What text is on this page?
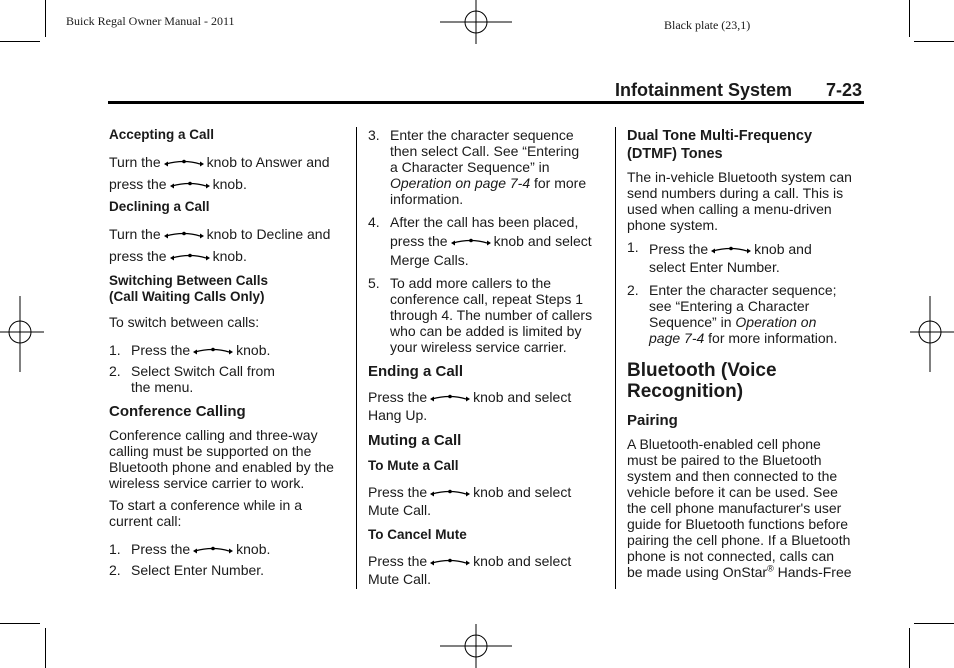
Buick Regal Owner Manual - 2011	Black plate (23,1)
Infotainment System 7-23

Accepting a Call

Turn the	knob to Answer and
press the	knob.

Declining a Call

Turn the	knob to Decline and
press the	knob.

Switching Between Calls
(Call Waiting Calls Only)

To switch between calls:

1. Press the	knob.
2. Select Switch Call from
the menu.

Conference Calling

Conference calling and three-way
calling must be supported on the
Bluetooth phone and enabled by the
wireless service carrier to work.

To start a conference while in a
current call:

1. Press the	knob.
2. Select Enter Number.
3. Enter the character sequence
then select Call. See “Entering
a Character Sequence” in
Operation on page 7-4 for more
information.
4. After the call has been placed,
press the	knob and select
Merge Calls.
5. To add more callers to the
conference call, repeat Steps 1
through 4. The number of callers
who can be added is limited by
your wireless service carrier.

Ending a Call

Press the	knob and select
Hang Up.

Muting a Call

To Mute a Call

Press the	knob and select
Mute Call.

To Cancel Mute

Press the	knob and select
Mute Call.

Dual Tone Multi-Frequency
(DTMF) Tones

The in-vehicle Bluetooth system can
send numbers during a call. This is
used when calling a menu-driven
phone system.

1. Press the	knob and
select Enter Number.
2. Enter the character sequence;
see “Entering a Character
Sequence” in Operation on
page 7-4 for more information.

Bluetooth (Voice
Recognition)

Pairing

A Bluetooth-enabled cell phone
must be paired to the Bluetooth
system and then connected to the
vehicle before it can be used. See
the cell phone manufacturer's user
guide for Bluetooth functions before
pairing the cell phone. If a Bluetooth
phone is not connected, calls can
be made using OnStar® Hands-Free
